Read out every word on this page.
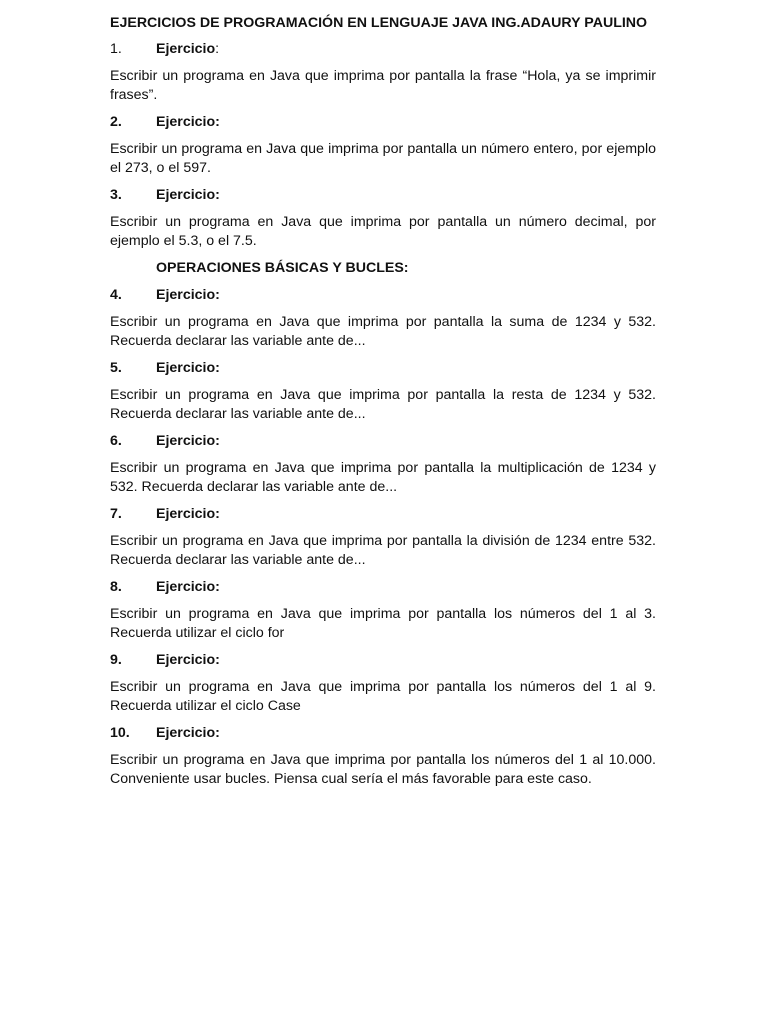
EJERCICIOS DE PROGRAMACIÓN EN LENGUAJE JAVA ING.ADAURY PAULINO
1.	Ejercicio:
Escribir un programa en Java que imprima por pantalla la frase “Hola, ya se imprimir frases”.
2.	Ejercicio:
Escribir un programa en Java que imprima por pantalla un número entero, por ejemplo el 273, o el 597.
3.	Ejercicio:
Escribir un programa en Java que imprima por pantalla un número decimal, por ejemplo el 5.3, o el 7.5.
OPERACIONES BÁSICAS Y BUCLES:
4.	Ejercicio:
Escribir un programa en Java que imprima por pantalla la suma de 1234 y 532. Recuerda declarar las variable ante de...
5.	Ejercicio:
Escribir un programa en Java que imprima por pantalla la resta de 1234 y 532. Recuerda declarar las variable ante de...
6.	Ejercicio:
Escribir un programa en Java que imprima por pantalla la multiplicación de 1234 y 532. Recuerda declarar las variable ante de...
7.	Ejercicio:
Escribir un programa en Java que imprima por pantalla la división de 1234 entre 532. Recuerda declarar las variable ante de...
8.	Ejercicio:
Escribir un programa en Java que imprima por pantalla los números del 1 al 3. Recuerda utilizar el ciclo for
9.	Ejercicio:
Escribir un programa en Java que imprima por pantalla los números del 1 al 9. Recuerda utilizar el ciclo Case
10.	Ejercicio:
Escribir un programa en Java que imprima por pantalla los números del 1 al 10.000. Conveniente usar bucles. Piensa cual sería el más favorable para este caso.
